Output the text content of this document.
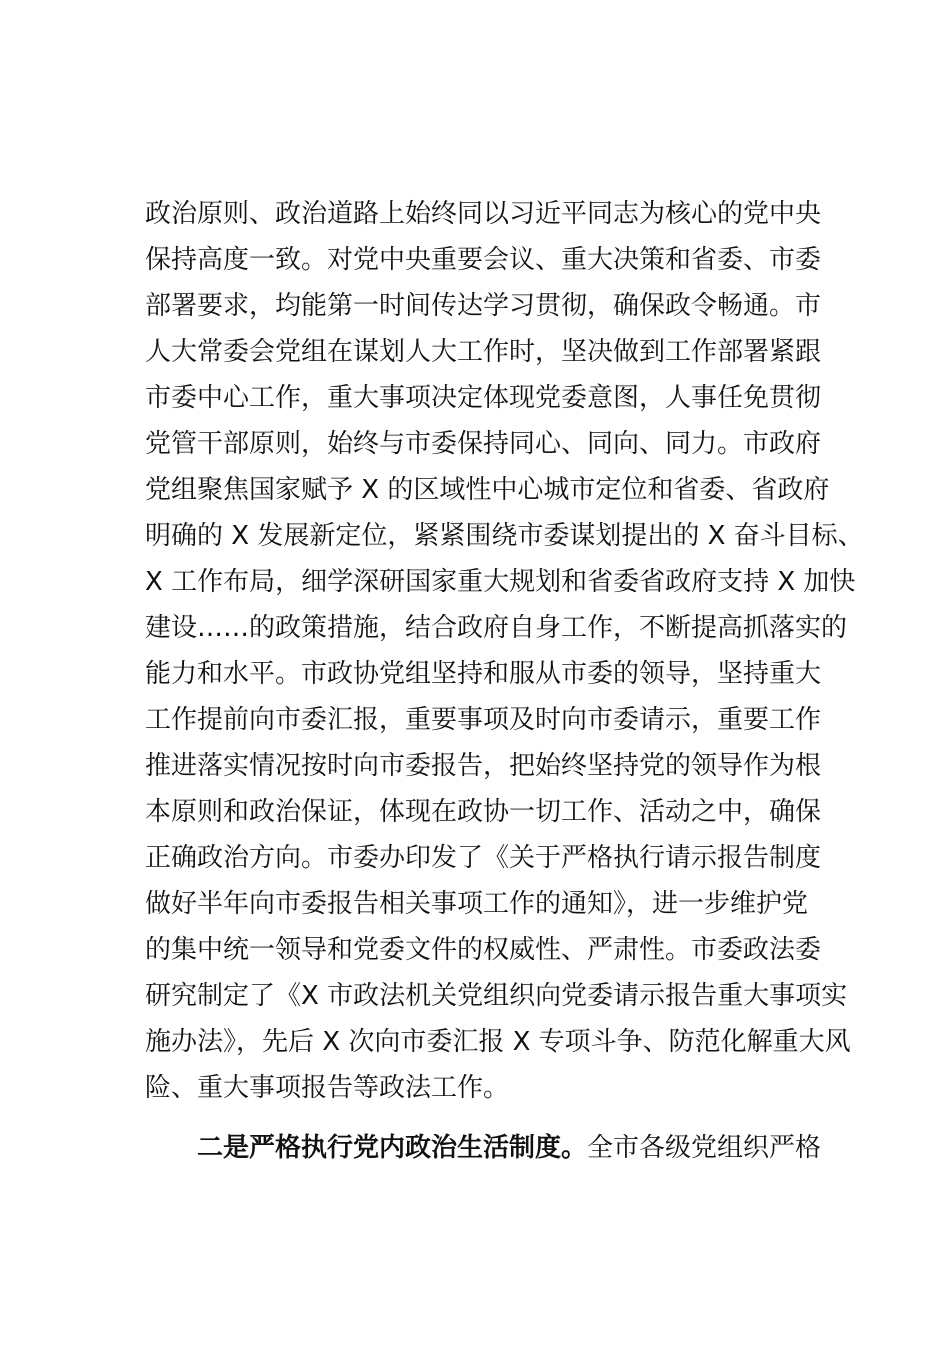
政治原则、政治道路上始终同以习近平同志为核心的党中央
保持高度一致。对党中央重要会议、重大决策和省委、市委
部署要求，均能第一时间传达学习贯彻，确保政令畅通。市
人大常委会党组在谋划人大工作时，坚决做到工作部署紧跟
市委中心工作，重大事项决定体现党委意图，人事任免贯彻
党管干部原则，始终与市委保持同心、同向、同力。市政府
党组聚焦国家赋予 X 的区域性中心城市定位和省委、省政府
明确的 X 发展新定位，紧紧围绕市委谋划提出的 X 奋斗目标、
X 工作布局，细学深研国家重大规划和省委省政府支持 X 加快
建设……的政策措施，结合政府自身工作，不断提高抓落实的
能力和水平。市政协党组坚持和服从市委的领导，坚持重大
工作提前向市委汇报，重要事项及时向市委请示，重要工作
推进落实情况按时向市委报告，把始终坚持党的领导作为根
本原则和政治保证，体现在政协一切工作、活动之中，确保
正确政治方向。市委办印发了《关于严格执行请示报告制度
做好半年向市委报告相关事项工作的通知》，进一步维护党
的集中统一领导和党委文件的权威性、严肃性。市委政法委
研究制定了《X 市政法机关党组织向党委请示报告重大事项实
施办法》，先后 X 次向市委汇报 X 专项斗争、防范化解重大风
险、重大事项报告等政法工作。
二是严格执行党内政治生活制度。全市各级党组织严格
